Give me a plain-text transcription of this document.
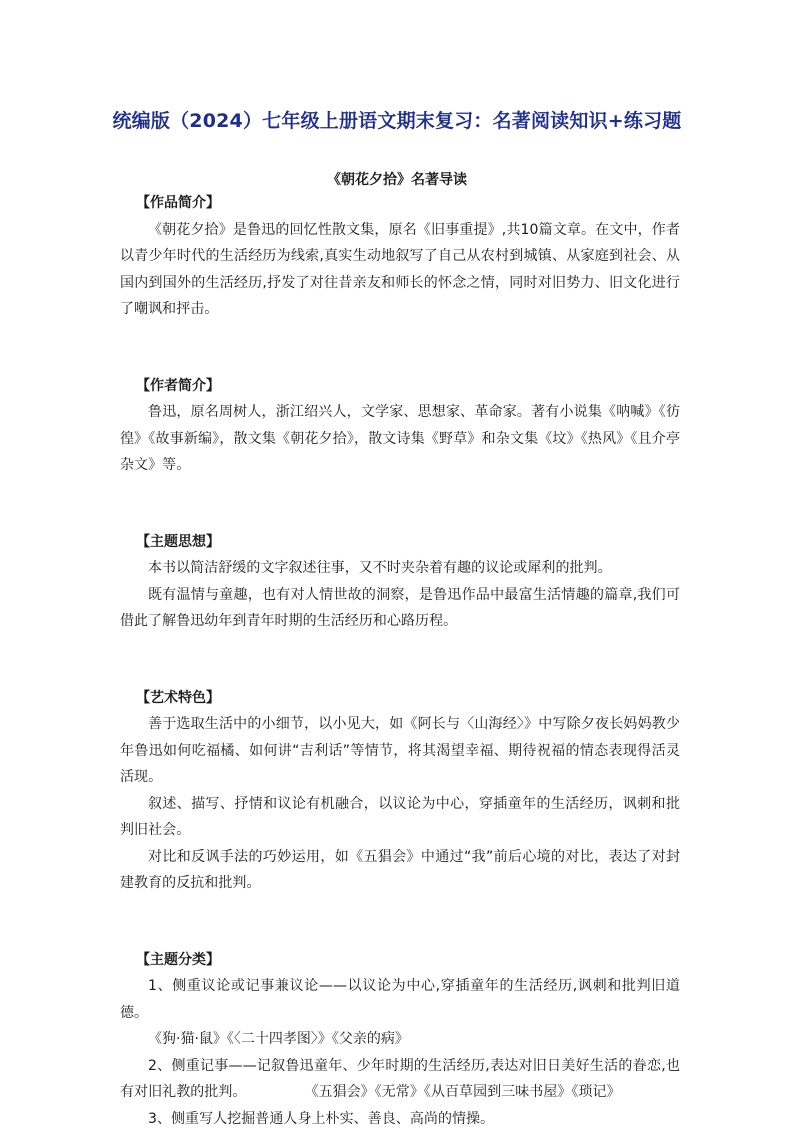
统编版（2024）七年级上册语文期末复习：名著阅读知识+练习题
《朝花夕拾》名著导读
【作品简介】

《朝花夕拾》是鲁迅的回忆性散文集，原名《旧事重提》,共10篇文章。在文中，作者以青少年时代的生活经历为线索,真实生动地叙写了自己从农村到城镇、从家庭到社会、从国内到国外的生活经历,抒发了对往昔亲友和师长的怀念之情，同时对旧势力、旧文化进行了嘲讽和抨击。

【作者简介】

鲁迅，原名周树人，浙江绍兴人，文学家、思想家、革命家。著有小说集《呐喊》《彷徨》《故事新编》，散文集《朝花夕拾》，散文诗集《野草》和杂文集《坟》《热风》《且介亭杂文》等。

【主题思想】

本书以简洁舒缓的文字叙述往事，又不时夹杂着有趣的议论或犀利的批判。

既有温情与童趣，也有对人情世故的洞察，是鲁迅作品中最富生活情趣的篇章,我们可借此了解鲁迅幼年到青年时期的生活经历和心路历程。

【艺术特色】

善于选取生活中的小细节，以小见大，如《阿长与〈山海经〉》中写除夕夜长妈妈教少年鲁迅如何吃福橘、如何讲“吉利话”等情节，将其渴望幸福、期待祝福的情态表现得活灵活现。

叙述、描写、抒情和议论有机融合，以议论为中心，穿插童年的生活经历，讽刺和批判旧社会。

对比和反讽手法的巧妙运用，如《五猖会》中通过“我”前后心境的对比，表达了对封建教育的反抗和批判。

【主题分类】

1、侧重议论或记事兼议论——以议论为中心,穿插童年的生活经历,讽刺和批判旧道德。

《狗·猫·鼠》《〈二十四孝图〉》《父亲的病》

2、侧重记事——记叙鲁迅童年、少年时期的生活经历,表达对旧日美好生活的眷恋,也有对旧礼教的批判。	《五猖会》《无常》《从百草园到三味书屋》《琐记》

3、侧重写人挖掘普通人身上朴实、善良、高尚的情操。
